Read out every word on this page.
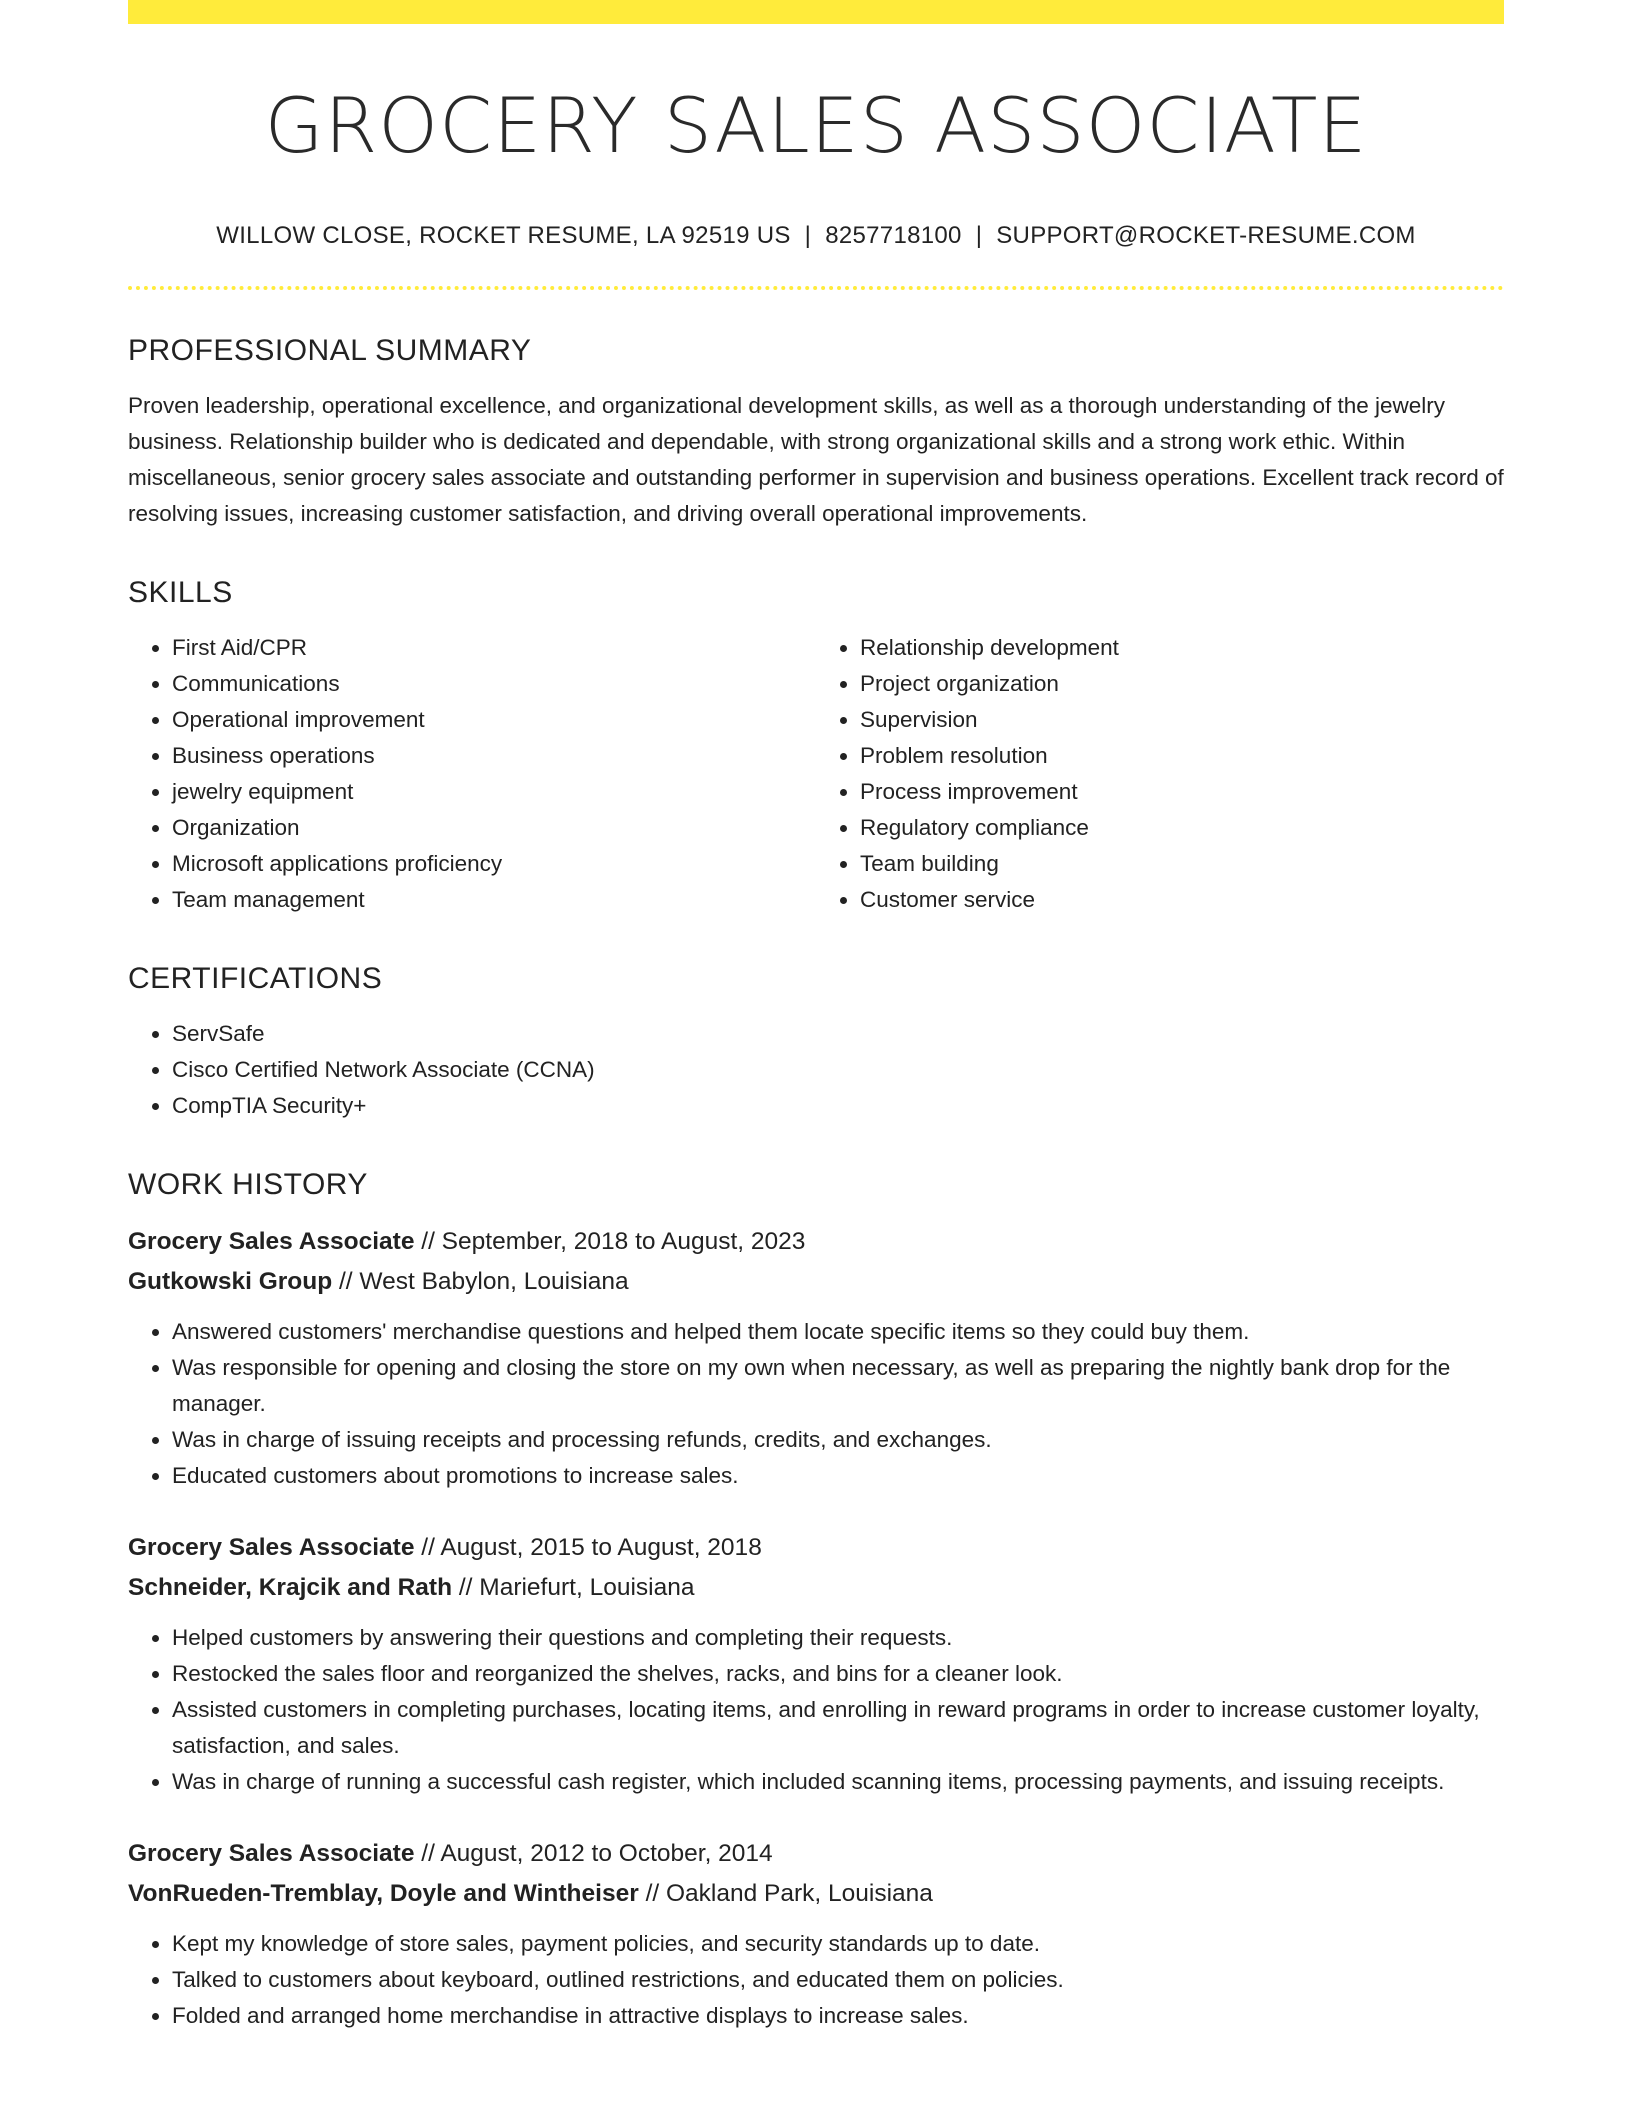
GROCERY SALES ASSOCIATE
WILLOW CLOSE, ROCKET RESUME, LA 92519 US | 8257718100 | SUPPORT@ROCKET-RESUME.COM
PROFESSIONAL SUMMARY

Proven leadership, operational excellence, and organizational development skills, as well as a thorough understanding of the jewelry business. Relationship builder who is dedicated and dependable, with strong organizational skills and a strong work ethic. Within miscellaneous, senior grocery sales associate and outstanding performer in supervision and business operations. Excellent track record of resolving issues, increasing customer satisfaction, and driving overall operational improvements.

SKILLS
• First Aid/CPR
• Communications
• Operational improvement
• Business operations
• jewelry equipment
• Organization
• Microsoft applications proficiency
• Team management
• Relationship development
• Project organization
• Supervision
• Problem resolution
• Process improvement
• Regulatory compliance
• Team building
• Customer service
CERTIFICATIONS
• ServSafe
• Cisco Certified Network Associate (CCNA)
• CompTIA Security+
WORK HISTORY
Grocery Sales Associate // September, 2018 to August, 2023
Gutkowski Group // West Babylon, Louisiana
• Answered customers' merchandise questions and helped them locate specific items so they could buy them.
• Was responsible for opening and closing the store on my own when necessary, as well as preparing the nightly bank drop for the manager.
• Was in charge of issuing receipts and processing refunds, credits, and exchanges.
• Educated customers about promotions to increase sales.
Grocery Sales Associate // August, 2015 to August, 2018
Schneider, Krajcik and Rath // Mariefurt, Louisiana
• Helped customers by answering their questions and completing their requests.
• Restocked the sales floor and reorganized the shelves, racks, and bins for a cleaner look.
• Assisted customers in completing purchases, locating items, and enrolling in reward programs in order to increase customer loyalty, satisfaction, and sales.
• Was in charge of running a successful cash register, which included scanning items, processing payments, and issuing receipts.
Grocery Sales Associate // August, 2012 to October, 2014
VonRueden-Tremblay, Doyle and Wintheiser // Oakland Park, Louisiana
• Kept my knowledge of store sales, payment policies, and security standards up to date.
• Talked to customers about keyboard, outlined restrictions, and educated them on policies.
• Folded and arranged home merchandise in attractive displays to increase sales.
